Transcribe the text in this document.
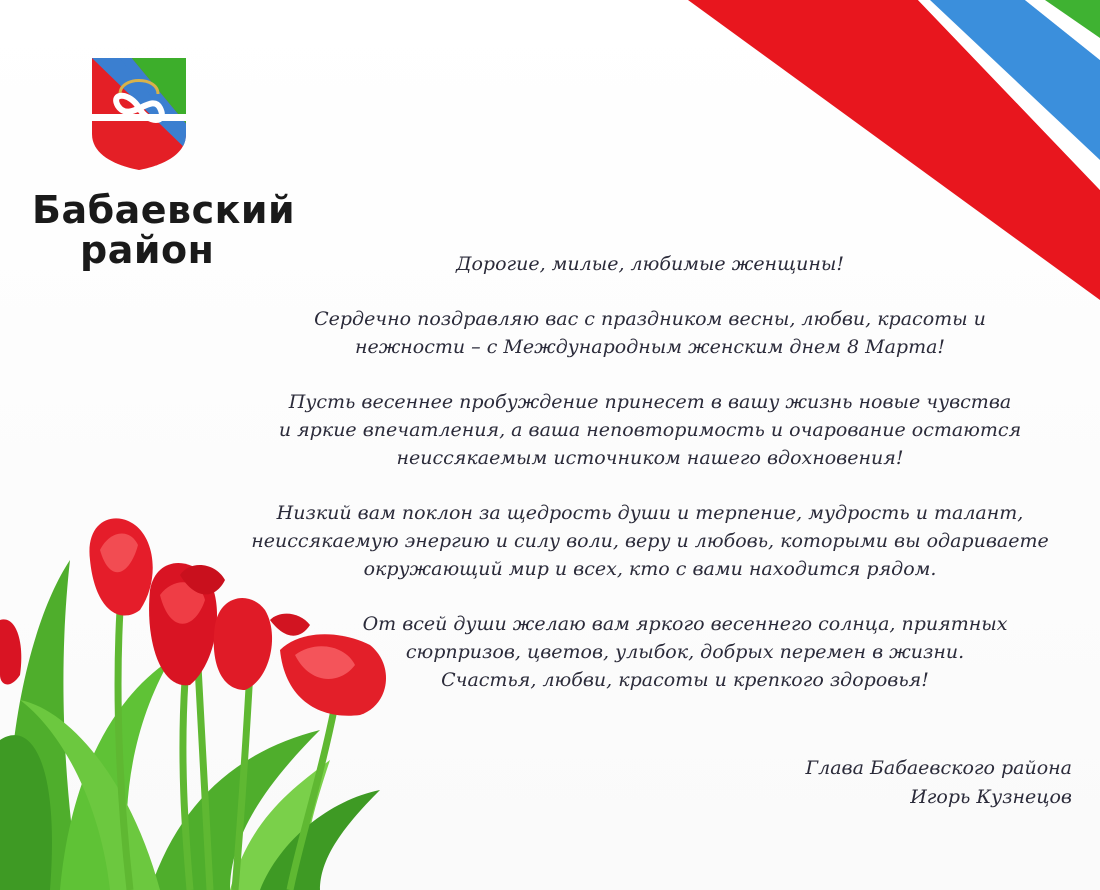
Бабаевский
район	Дорогие, милые, любимые женщины!

Сердечно поздравляю вас с праздником весны, любви, красоты и
нежности – с Международным женским днем 8 Марта!

Пусть весеннее пробуждение принесет в вашу жизнь новые чувства
и яркие впечатления, а ваша неповторимость и очарование остаются
неиссякаемым источником нашего вдохновения!

Низкий вам поклон за щедрость души и терпение, мудрость и талант,
неиссякаемую энергию и силу воли, веру и любовь, которыми вы одариваете
окружающий мир и всех, кто с вами находится рядом.

От всей души желаю вам яркого весеннего солнца, приятных
сюрпризов, цветов, улыбок, добрых перемен в жизни.
Счастья, любви, красоты и крепкого здоровья!

Глава Бабаевского района
Игорь Кузнецов
